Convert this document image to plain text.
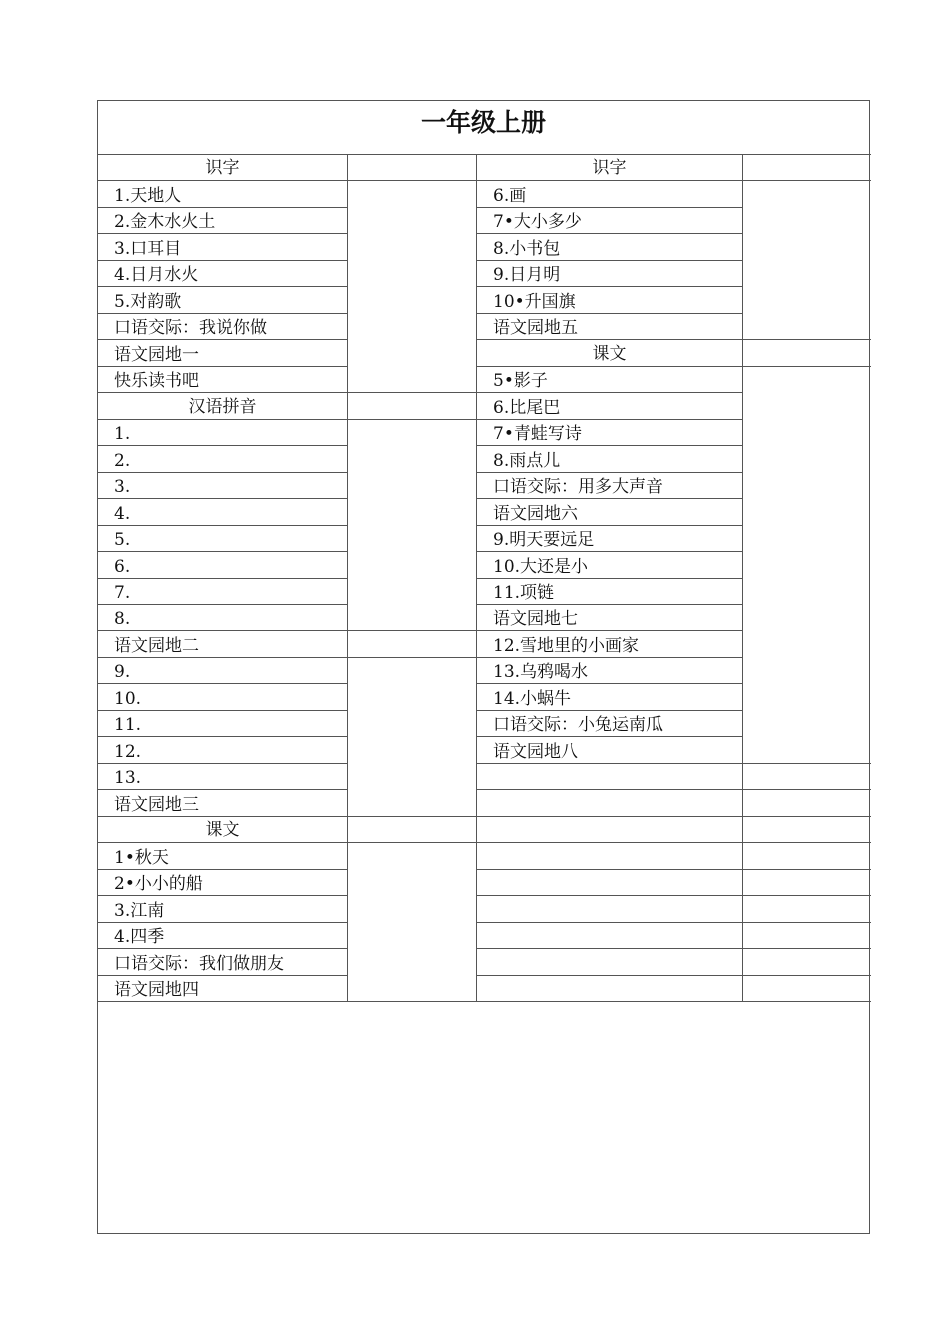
一年级上册
识字
1.天地人
2.金木水火土
3.口耳目
4.日月水火
5.对韵歌
口语交际：我说你做
语文园地一
快乐读书吧
汉语拼音
1.
2.
3.
4.
5.
6.
7.
8.
语文园地二
9.
10.
11.
12.
13.
语文园地三
课文
1•秋天
2•小小的船
3.江南
4.四季
口语交际：我们做朋友
语文园地四
识字
6.画
7•大小多少
8.小书包
9.日月明
10•升国旗
语文园地五
课文
5•影子
6.比尾巴
7•青蛙写诗
8.雨点儿
口语交际：用多大声音
语文园地六
9.明天要远足
10.大还是小
11.项链
语文园地七
12.雪地里的小画家
13.乌鸦喝水
14.小蜗牛
口语交际：小兔运南瓜
语文园地八
